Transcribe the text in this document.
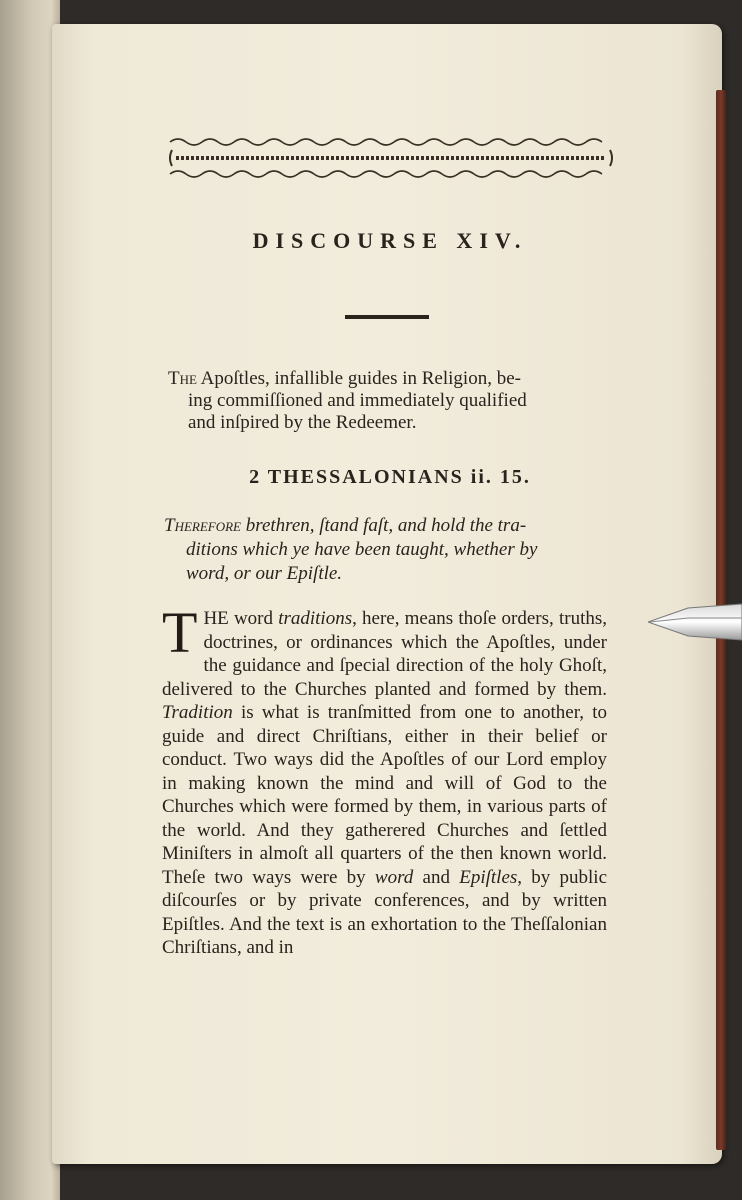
DISCOURSE XIV.

The Apoſtles, infallible guides in Religion, be-
ing commiſſioned and immediately qualified
and inſpired by the Redeemer.

2 THESSALONIANS ii. 15.

Therefore brethren, ſtand faſt, and hold the tra-
ditions which ye have been taught, whether by
word, or our Epiſtle.

THE word traditions, here, means thoſe orders, truths, doctrines, or ordinances which the Apoſtles, under the guidance and ſpecial direction of the holy Ghoſt, delivered to the Churches planted and formed by them. Tradition is what is tranſmitted from one to another, to guide and direct Chriſtians, either in their belief or conduct. Two ways did the Apoſtles of our Lord employ in making known the mind and will of God to the Churches which were formed by them, in various parts of the world. And they gatherered Churches and ſettled Miniſters in almoſt all quarters of the then known world. Theſe two ways were by word and Epiſtles, by public diſcourſes or by private conferences, and by written Epiſtles. And the text is an exhortation to the Theſſalonian Chriſtians, and in
